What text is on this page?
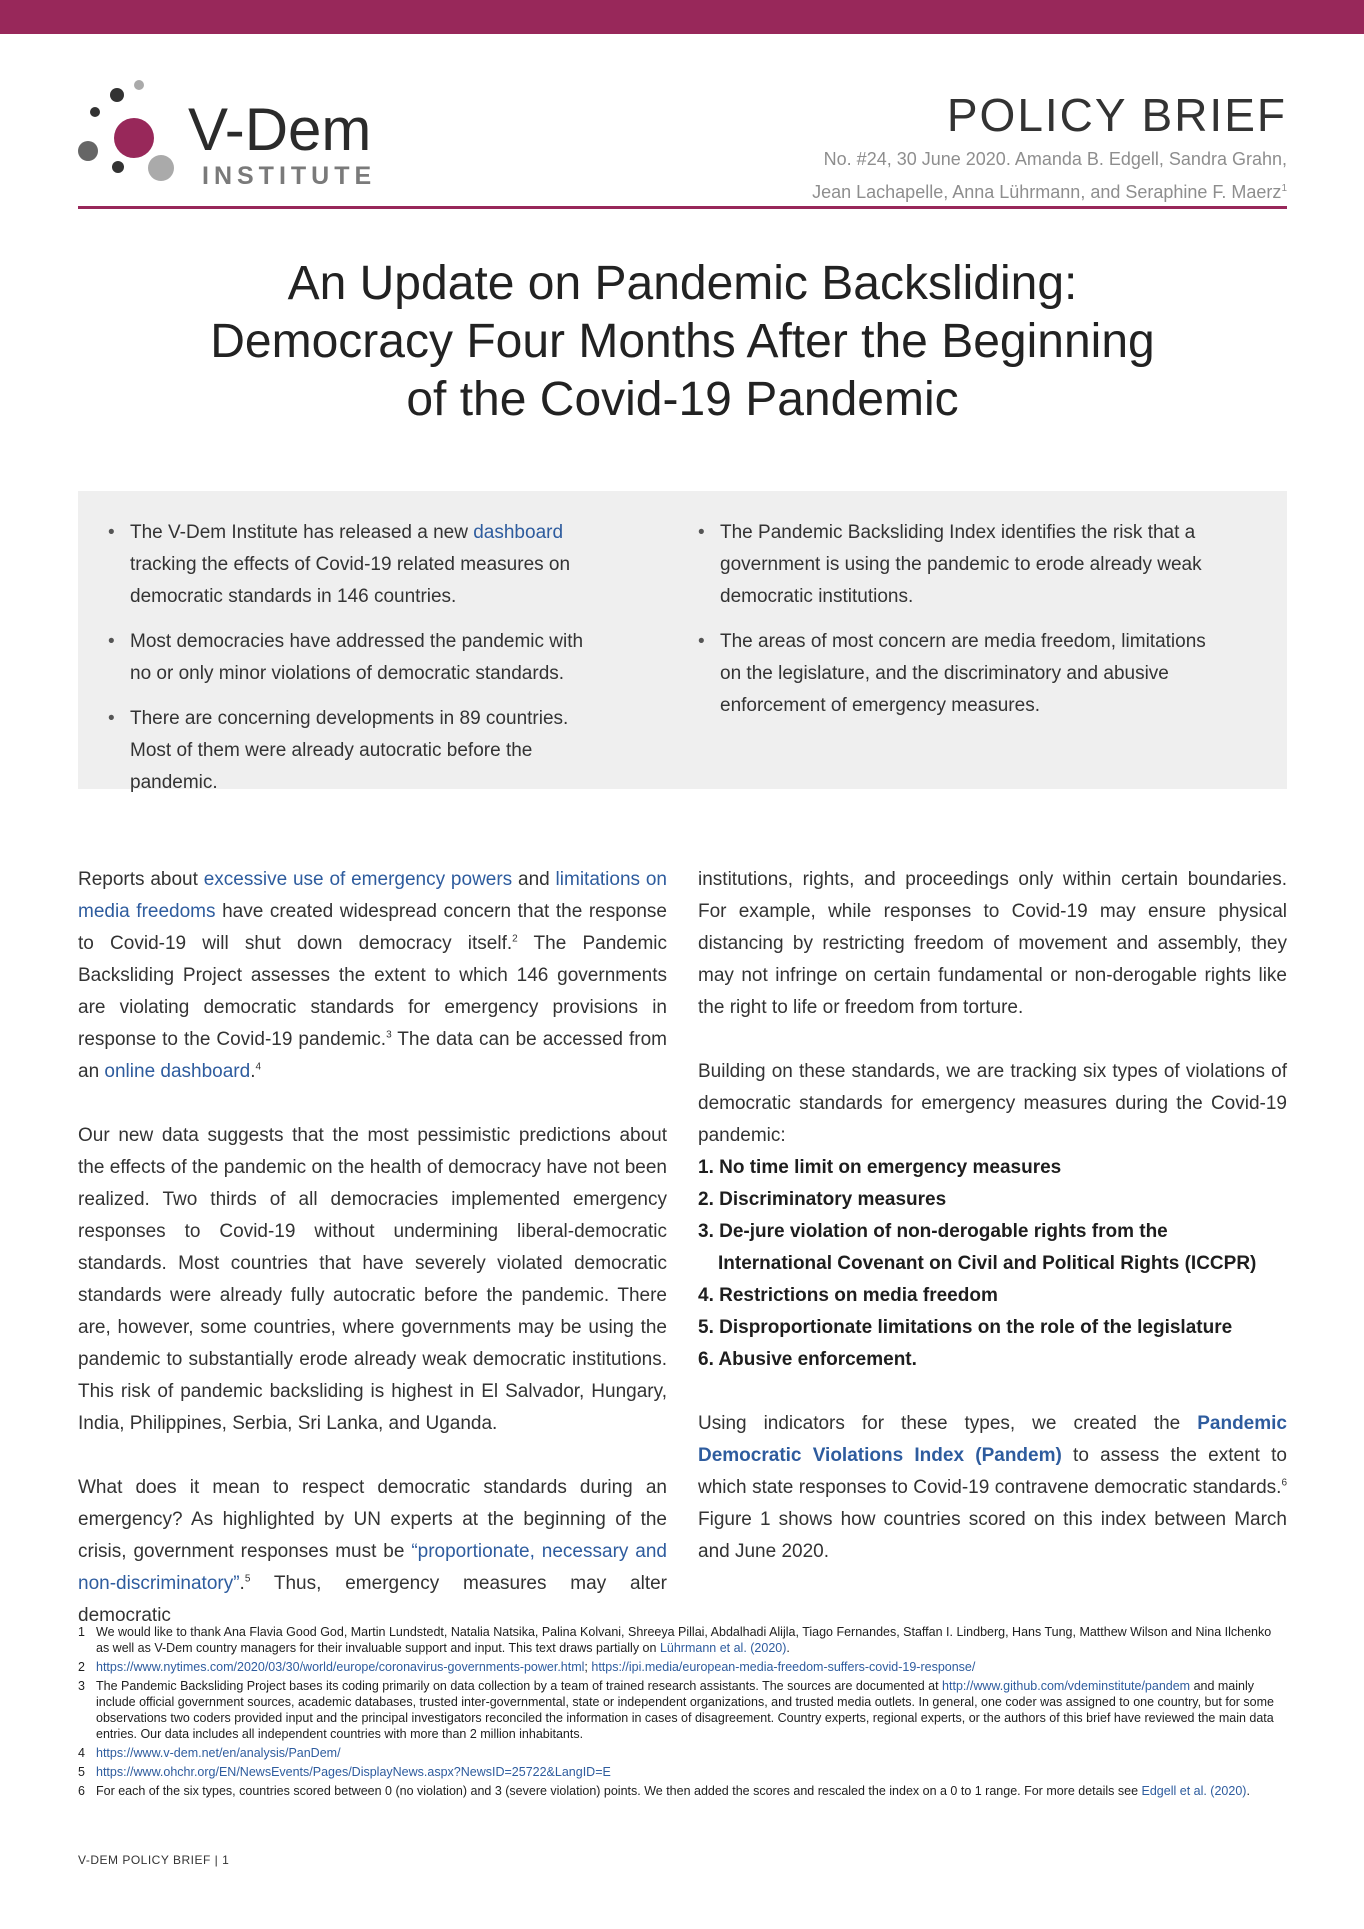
V-Dem
INSTITUTE
POLICY BRIEF
No. #24, 30 June 2020. Amanda B. Edgell, Sandra Grahn,
Jean Lachapelle, Anna Lührmann, and Seraphine F. Maerz$^1$
An Update on Pandemic Backsliding:
Democracy Four Months After the Beginning
of the Covid-19 Pandemic
• The V-Dem Institute has released a new dashboard tracking the effects of Covid-19 related measures on democratic standards in 146 countries.
• Most democracies have addressed the pandemic with no or only minor violations of democratic standards.
• There are concerning developments in 89 countries. Most of them were already autocratic before the pandemic.
• The Pandemic Backsliding Index identifies the risk that a government is using the pandemic to erode already weak democratic institutions.
• The areas of most concern are media freedom, limitations on the legislature, and the discriminatory and abusive enforcement of emergency measures.

Reports about excessive use of emergency powers and limitations on media freedoms have created widespread concern that the response to Covid-19 will shut down democracy itself.$^2$ The Pandemic Backsliding Project assesses the extent to which 146 governments are violating democratic standards for emergency provisions in response to the Covid-19 pandemic.$^3$ The data can be accessed from an online dashboard.$^4$

Our new data suggests that the most pessimistic predictions about the effects of the pandemic on the health of democracy have not been realized. Two thirds of all democracies implemented emergency responses to Covid-19 without undermining liberal-democratic standards. Most countries that have severely violated democratic standards were already fully autocratic before the pandemic. There are, however, some countries, where governments may be using the pandemic to substantially erode already weak democratic institutions. This risk of pandemic backsliding is highest in El Salvador, Hungary, India, Philippines, Serbia, Sri Lanka, and Uganda.

What does it mean to respect democratic standards during an emergency? As highlighted by UN experts at the beginning of the crisis, government responses must be “proportionate, necessary and non-discriminatory”.$^5$ Thus, emergency measures may alter democratic

institutions, rights, and proceedings only within certain boundaries. For example, while responses to Covid-19 may ensure physical distancing by restricting freedom of movement and assembly, they may not infringe on certain fundamental or non-derogable rights like the right to life or freedom from torture.

Building on these standards, we are tracking six types of violations of democratic standards for emergency measures during the Covid-19 pandemic:

1. No time limit on emergency measures
2. Discriminatory measures
3. De-jure violation of non-derogable rights from the International Covenant on Civil and Political Rights (ICCPR)
4. Restrictions on media freedom
5. Disproportionate limitations on the role of the legislature
6. Abusive enforcement.

Using indicators for these types, we created the Pandemic Democratic Violations Index (Pandem) to assess the extent to which state responses to Covid-19 contravene democratic standards.$^6$ Figure 1 shows how countries scored on this index between March and June 2020.

1 We would like to thank Ana Flavia Good God, Martin Lundstedt, Natalia Natsika, Palina Kolvani, Shreeya Pillai, Abdalhadi Alijla, Tiago Fernandes, Staffan I. Lindberg, Hans Tung, Matthew Wilson and Nina Ilchenko as well as V-Dem country managers for their invaluable support and input. This text draws partially on Lührmann et al. (2020).
2 https://www.nytimes.com/2020/03/30/world/europe/coronavirus-governments-power.html; https://ipi.media/european-media-freedom-suffers-covid-19-response/
3 The Pandemic Backsliding Project bases its coding primarily on data collection by a team of trained research assistants. The sources are documented at http://www.github.com/vdeminstitute/pandem and mainly include official government sources, academic databases, trusted inter-governmental, state or independent organizations, and trusted media outlets. In general, one coder was assigned to one country, but for some observations two coders provided input and the principal investigators reconciled the information in cases of disagreement. Country experts, regional experts, or the authors of this brief have reviewed the main data entries. Our data includes all independent countries with more than 2 million inhabitants.
4 https://www.v-dem.net/en/analysis/PanDem/
5 https://www.ohchr.org/EN/NewsEvents/Pages/DisplayNews.aspx?NewsID=25722&LangID=E
6 For each of the six types, countries scored between 0 (no violation) and 3 (severe violation) points. We then added the scores and rescaled the index on a 0 to 1 range. For more details see Edgell et al. (2020).
V-DEM POLICY BRIEF | 1
